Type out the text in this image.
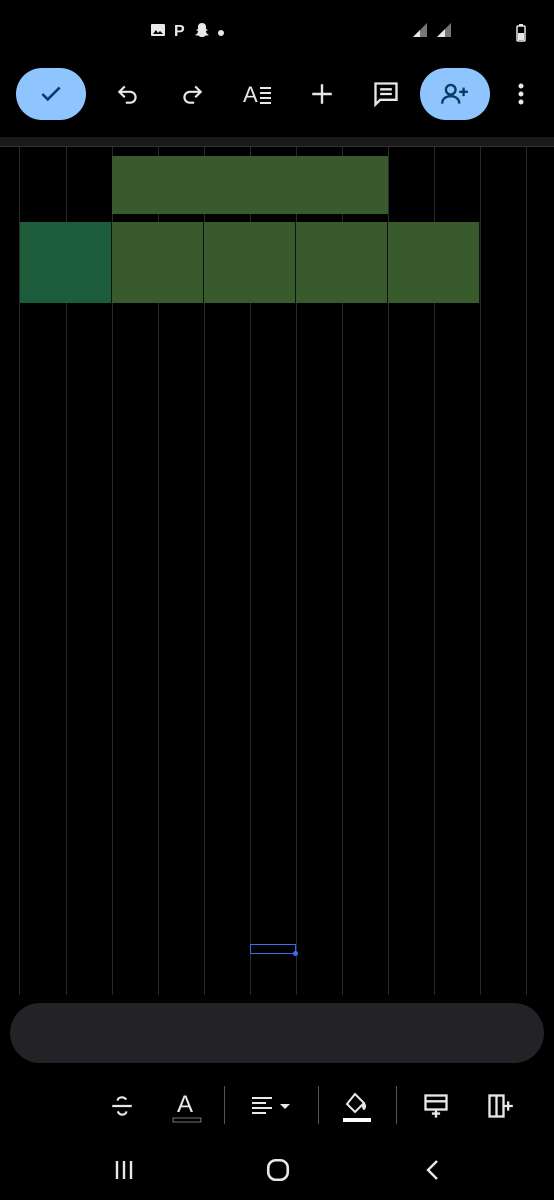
P
A
A
